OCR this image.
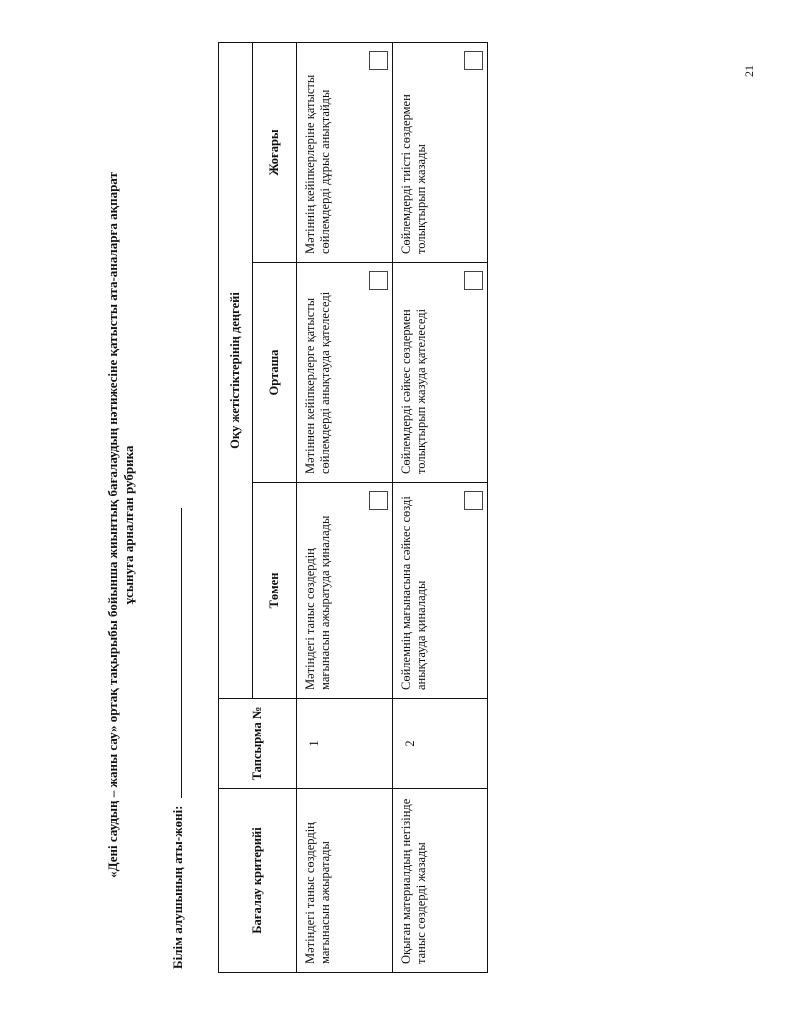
«Дені саудың – жаны сау» ортақ тақырыбы бойынша жиынтық бағалаудың нәтижесіне қатысты ата-аналарға ақпарат ұсынуға арналған рубрика
Білім алушының аты-жөні:	Бағалау критерийі	Тапсырма №	Оқу жетістіктерінің деңгейі		
		Төмен	Орташа	Жоғары
Мәтіндегі таныс сөздердің мағынасын ажыратады	1	Мәтіндегі таныс сөздердің мағынасын ажыратуда қиналады	Мәтіннен кейіпкерлерге қатысты сөйлемдерді анықтауда қателеседі	Мәтіннің кейіпкерлеріне қатысты сөйлемдерді дұрыс анықтайды

Оқыған материалдың негізінде таныс сөздерді жазады	2	Сөйлемнің мағынасына сәйкес сөзді анықтауда қиналады	Сөйлемдерді сәйкес сөздермен толықтырып жазуда қателеседі	Сөйлемдерді тиісті сөздермен толықтырып жазады
21
